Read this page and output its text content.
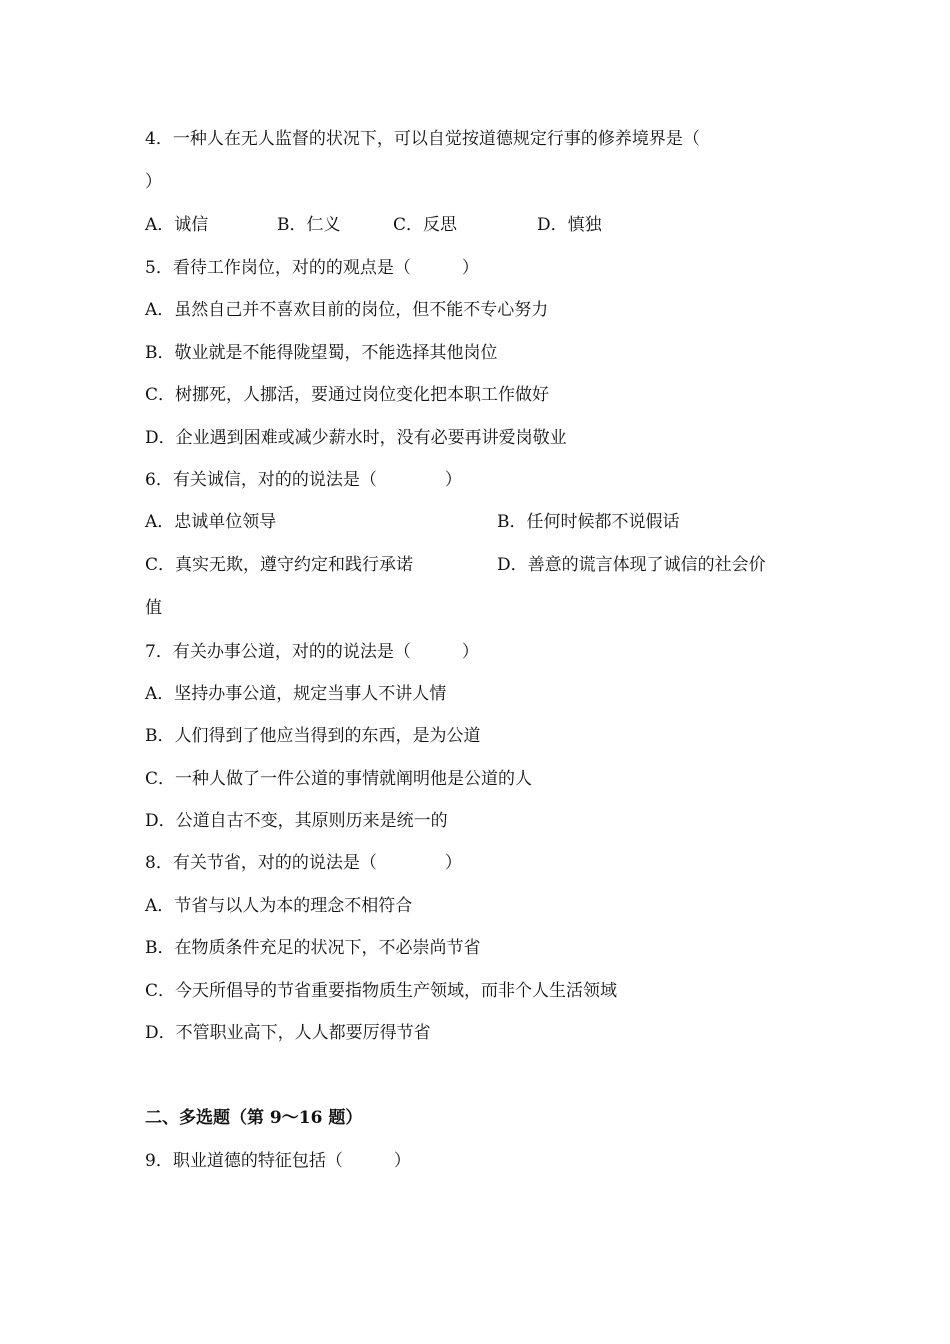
4．一种人在无人监督的状况下，可以自觉按道德规定行事的修养境界是（
）
A．诚信	B．仁义	C．反思	D．慎独
5．看待工作岗位，对的的观点是（　　　）
A．虽然自己并不喜欢目前的岗位，但不能不专心努力
B．敬业就是不能得陇望蜀，不能选择其他岗位
C．树挪死，人挪活，要通过岗位变化把本职工作做好
D．企业遇到困难或减少薪水时，没有必要再讲爱岗敬业
6．有关诚信，对的的说法是（　　　　）
A．忠诚单位领导	B．任何时候都不说假话
C．真实无欺，遵守约定和践行承诺	D．善意的谎言体现了诚信的社会价
值
7．有关办事公道，对的的说法是（　　　）
A．坚持办事公道，规定当事人不讲人情
B．人们得到了他应当得到的东西，是为公道
C．一种人做了一件公道的事情就阐明他是公道的人
D．公道自古不变，其原则历来是统一的
8．有关节省，对的的说法是（　　　　）
A．节省与以人为本的理念不相符合
B．在物质条件充足的状况下，不必崇尚节省
C．今天所倡导的节省重要指物质生产领域，而非个人生活领域
D．不管职业高下，人人都要厉得节省
二、多选题（第 9～16 题）
9．职业道德的特征包括（　　　）
